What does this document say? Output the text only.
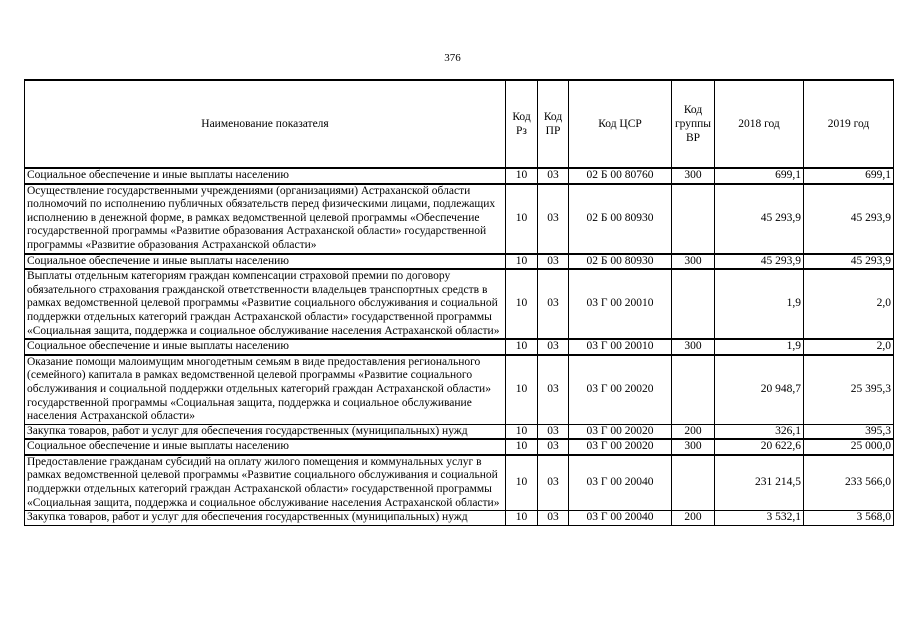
376
Наименование показателя	Код Рз	Код ПР	Код ЦСР	Код группы ВР	2018 год	2019 год
Социальное обеспечение и иные выплаты населению	10	03	02 Б 00 80760	300	699,1	699,1
Осуществление государственными учреждениями (организациями) Астраханской области полномочий по исполнению публичных обязательств перед физическими лицами, подлежащих исполнению в денежной форме, в рамках ведомственной целевой программы «Обеспечение государственной программы «Развитие образования Астраханской области» государственной программы «Развитие образования Астраханской области»	10	03	02 Б 00 80930		45 293,9	45 293,9
Социальное обеспечение и иные выплаты населению	10	03	02 Б 00 80930	300	45 293,9	45 293,9
Выплаты отдельным категориям граждан компенсации страховой премии по договору обязательного страхования гражданской ответственности владельцев транспортных средств в рамках ведомственной целевой программы «Развитие социального обслуживания и социальной поддержки отдельных категорий граждан Астраханской области» государственной программы «Социальная защита, поддержка и социальное обслуживание населения Астраханской области»	10	03	03 Г 00 20010		1,9	2,0
Социальное обеспечение и иные выплаты населению	10	03	03 Г 00 20010	300	1,9	2,0
Оказание помощи малоимущим многодетным семьям в виде предоставления регионального (семейного) капитала в рамках ведомственной целевой программы «Развитие социального обслуживания и социальной поддержки отдельных категорий граждан Астраханской области» государственной программы «Социальная защита, поддержка и социальное обслуживание населения Астраханской области»	10	03	03 Г 00 20020		20 948,7	25 395,3
Закупка товаров, работ и услуг для обеспечения государственных (муниципальных) нужд	10	03	03 Г 00 20020	200	326,1	395,3
Социальное обеспечение и иные выплаты населению	10	03	03 Г 00 20020	300	20 622,6	25 000,0
Предоставление гражданам субсидий на оплату жилого помещения и коммунальных услуг в рамках ведомственной целевой программы «Развитие социального обслуживания и социальной поддержки отдельных категорий граждан Астраханской области» государственной программы «Социальная защита, поддержка и социальное обслуживание населения Астраханской области»	10	03	03 Г 00 20040		231 214,5	233 566,0
Закупка товаров, работ и услуг для обеспечения государственных (муниципальных) нужд	10	03	03 Г 00 20040	200	3 532,1	3 568,0
